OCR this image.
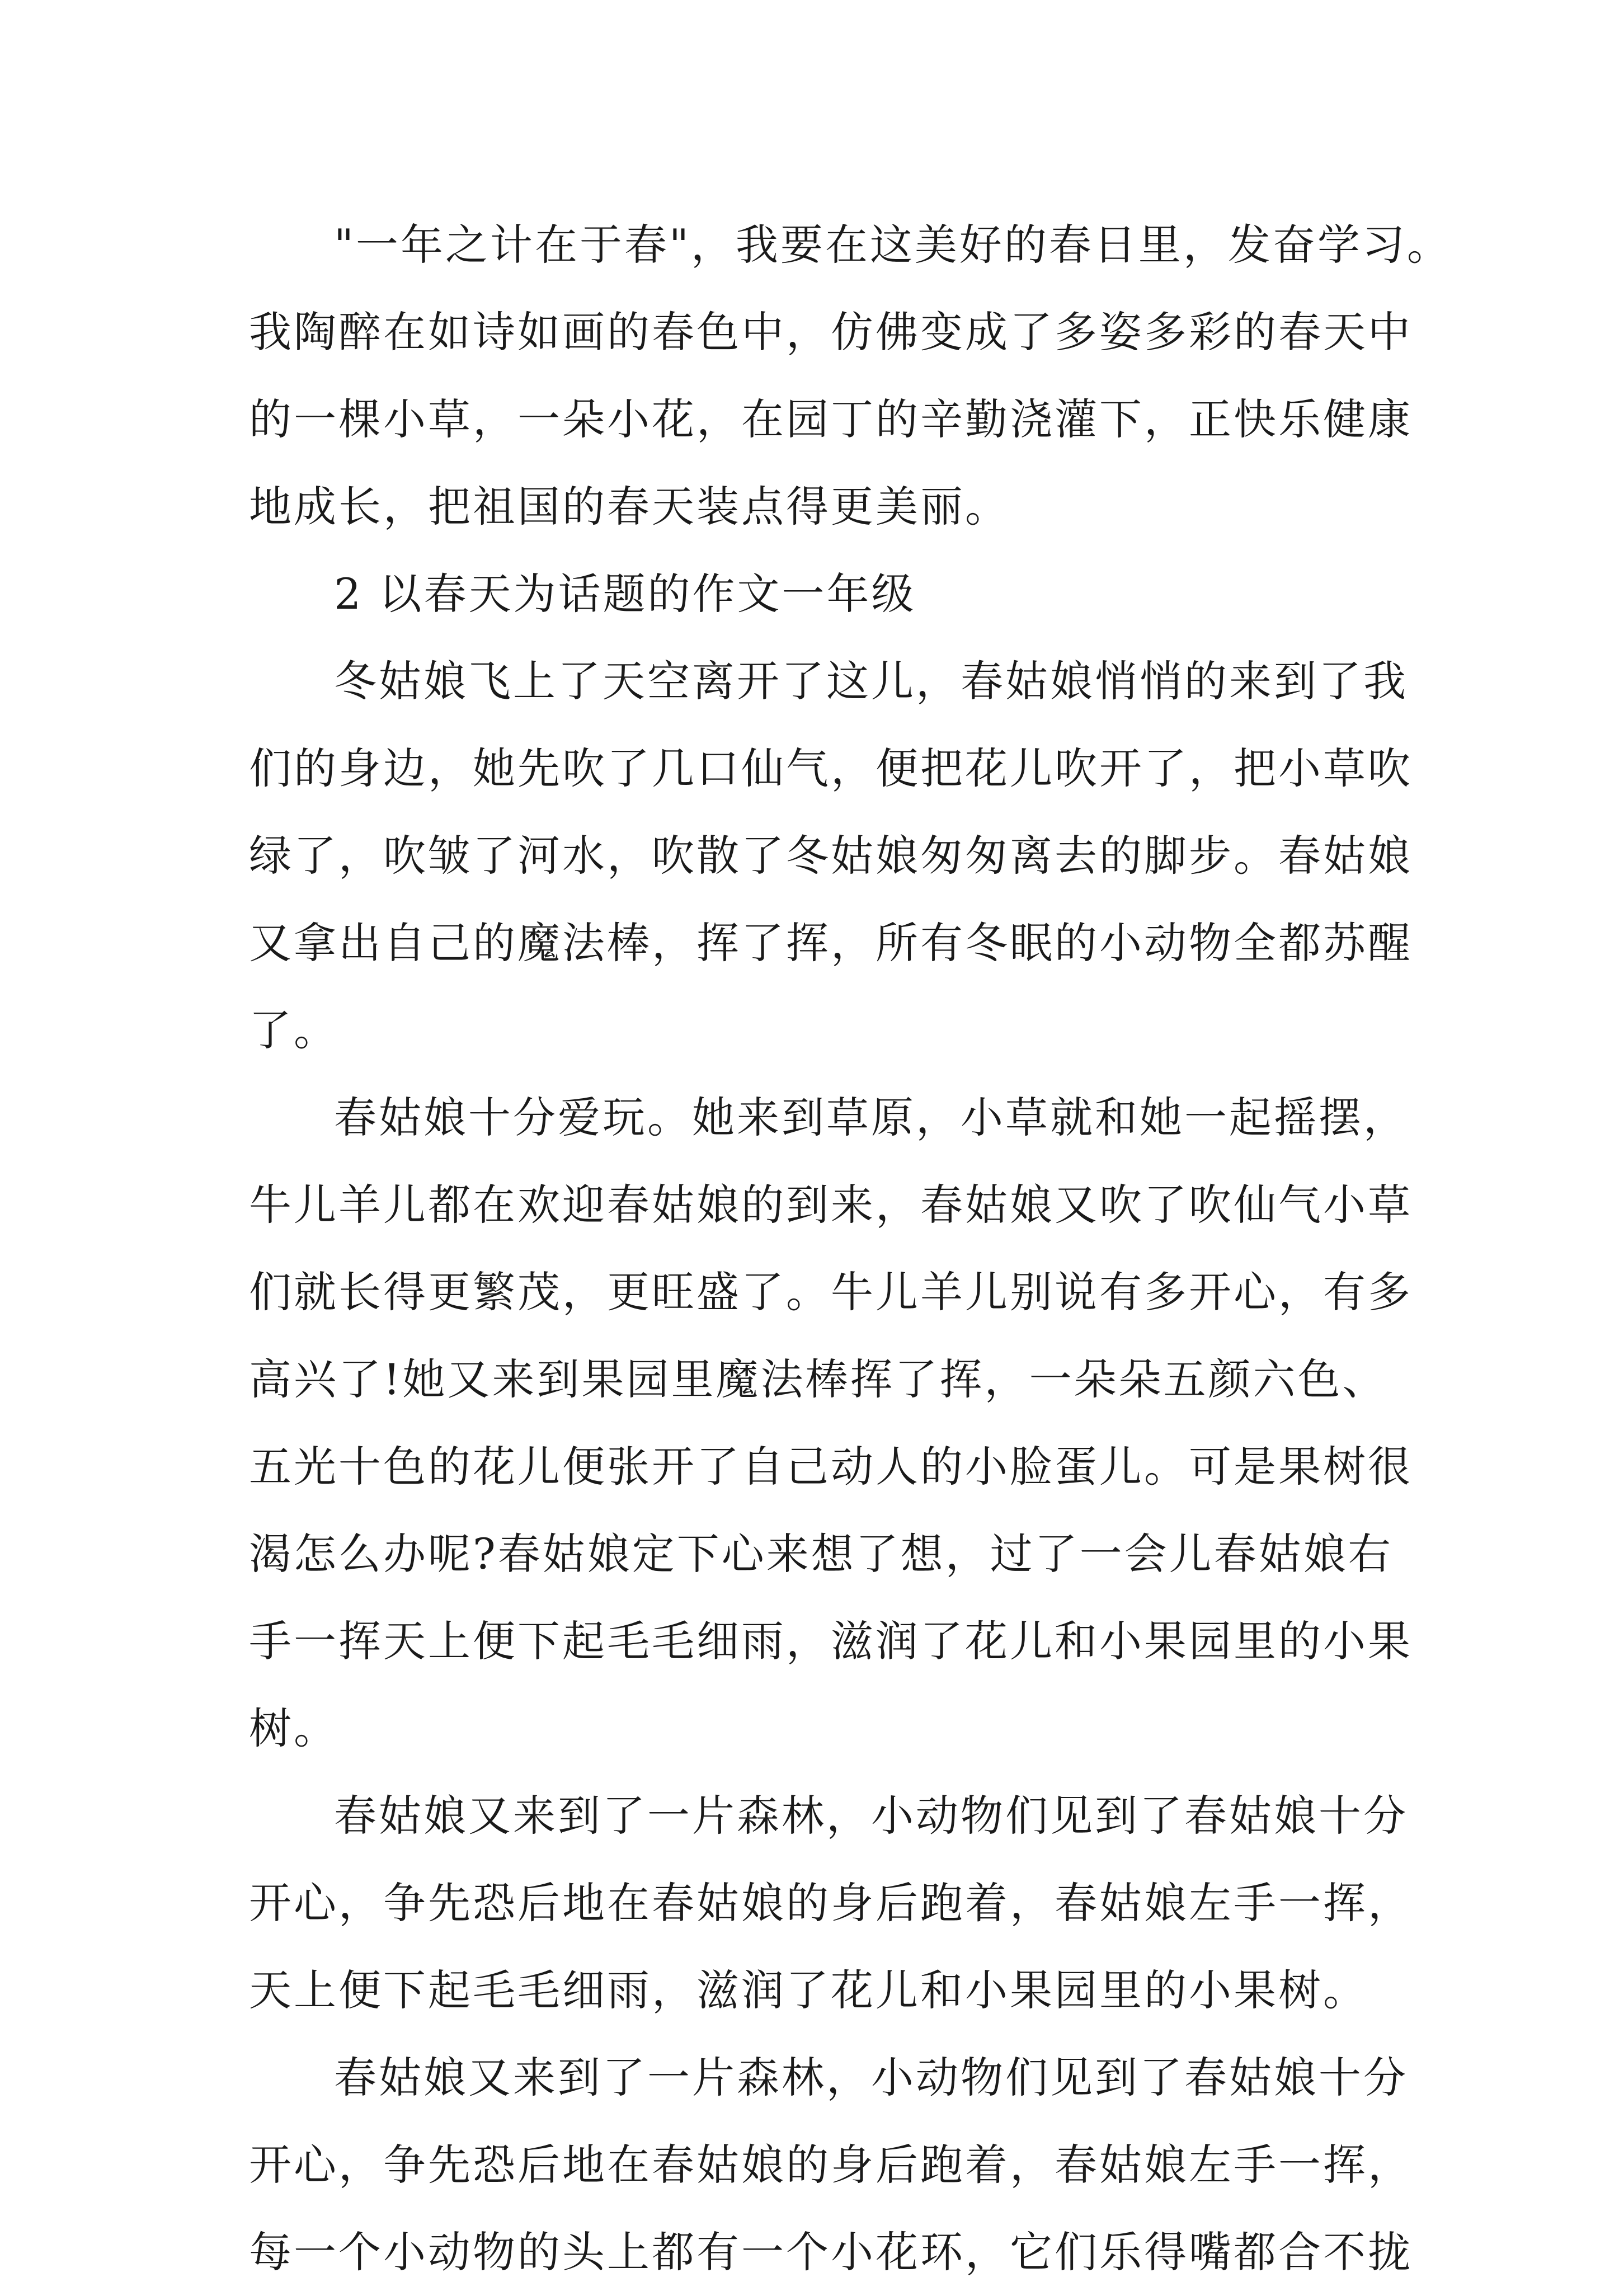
"一年之计在于春"，我要在这美好的春日里，发奋学习。
我陶醉在如诗如画的春色中，仿佛变成了多姿多彩的春天中
的一棵小草，一朵小花，在园丁的辛勤浇灌下，正快乐健康
地成长，把祖国的春天装点得更美丽。
2 以春天为话题的作文一年级
冬姑娘飞上了天空离开了这儿，春姑娘悄悄的来到了我
们的身边，她先吹了几口仙气，便把花儿吹开了，把小草吹
绿了，吹皱了河水，吹散了冬姑娘匆匆离去的脚步。春姑娘
又拿出自己的魔法棒，挥了挥，所有冬眠的小动物全都苏醒
了。
春姑娘十分爱玩。她来到草原，小草就和她一起摇摆，
牛儿羊儿都在欢迎春姑娘的到来，春姑娘又吹了吹仙气小草
们就长得更繁茂，更旺盛了。牛儿羊儿别说有多开心，有多
高兴了!她又来到果园里魔法棒挥了挥，一朵朵五颜六色、
五光十色的花儿便张开了自己动人的小脸蛋儿。可是果树很
渴怎么办呢?春姑娘定下心来想了想，过了一会儿春姑娘右
手一挥天上便下起毛毛细雨，滋润了花儿和小果园里的小果
树。
春姑娘又来到了一片森林，小动物们见到了春姑娘十分
开心，争先恐后地在春姑娘的身后跑着，春姑娘左手一挥，
天上便下起毛毛细雨，滋润了花儿和小果园里的小果树。
春姑娘又来到了一片森林，小动物们见到了春姑娘十分
开心，争先恐后地在春姑娘的身后跑着，春姑娘左手一挥，
每一个小动物的头上都有一个小花环，它们乐得嘴都合不拢
